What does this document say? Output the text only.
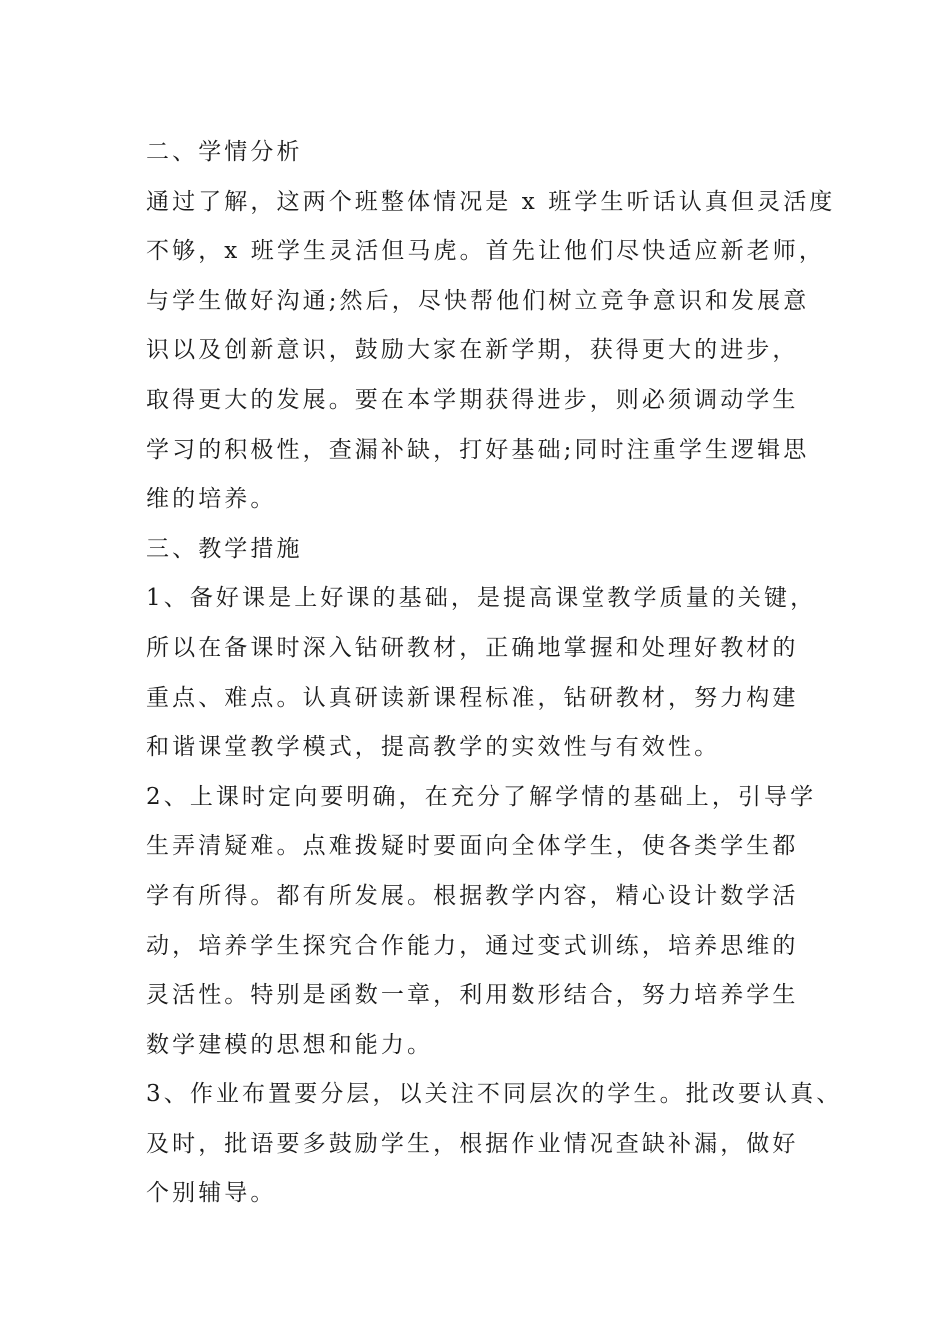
二、学情分析
通过了解，这两个班整体情况是 x 班学生听话认真但灵活度
不够，x 班学生灵活但马虎。首先让他们尽快适应新老师，
与学生做好沟通;然后，尽快帮他们树立竞争意识和发展意
识以及创新意识，鼓励大家在新学期，获得更大的进步，
取得更大的发展。要在本学期获得进步，则必须调动学生
学习的积极性，查漏补缺，打好基础;同时注重学生逻辑思
维的培养。
三、教学措施
1、备好课是上好课的基础，是提高课堂教学质量的关键，
所以在备课时深入钻研教材，正确地掌握和处理好教材的
重点、难点。认真研读新课程标准，钻研教材，努力构建
和谐课堂教学模式，提高教学的实效性与有效性。
2、上课时定向要明确，在充分了解学情的基础上，引导学
生弄清疑难。点难拨疑时要面向全体学生，使各类学生都
学有所得。都有所发展。根据教学内容，精心设计数学活
动，培养学生探究合作能力，通过变式训练，培养思维的
灵活性。特别是函数一章，利用数形结合，努力培养学生
数学建模的思想和能力。
3、作业布置要分层，以关注不同层次的学生。批改要认真、
及时，批语要多鼓励学生，根据作业情况查缺补漏，做好
个别辅导。
